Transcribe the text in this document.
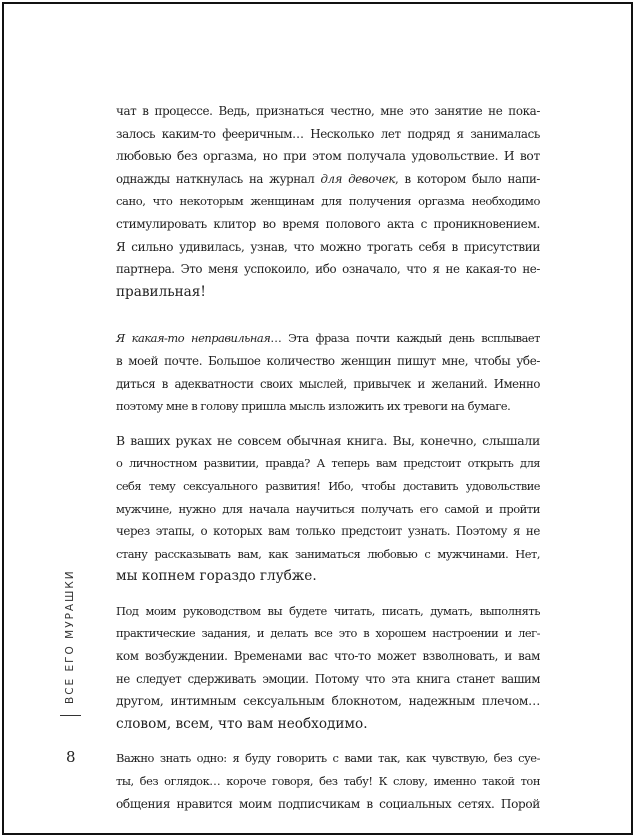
чат в процессе. Ведь, признаться честно, мне это занятие не пока-
залось каким-то фееричным… Несколько лет подряд я занималась
любовью без оргазма, но при этом получала удовольствие. И вот
однажды наткнулась на журнал для девочек, в котором было напи-
сано, что некоторым женщинам для получения оргазма необходимо
стимулировать клитор во время полового акта с проникновением.
Я сильно удивилась, узнав, что можно трогать себя в присутствии
партнера. Это меня успокоило, ибо означало, что я не какая-то не-
правильная!
Я какая-то неправильная… Эта фраза почти каждый день всплывает
в моей почте. Большое количество женщин пишут мне, чтобы убе-
диться в адекватности своих мыслей, привычек и желаний. Именно
поэтому мне в голову пришла мысль изложить их тревоги на бумаге.
В ваших руках не совсем обычная книга. Вы, конечно, слышали
о личностном развитии, правда? А теперь вам предстоит открыть для
себя тему сексуального развития! Ибо, чтобы доставить удовольствие
мужчине, нужно для начала научиться получать его самой и пройти
через этапы, о которых вам только предстоит узнать. Поэтому я не
стану рассказывать вам, как заниматься любовью с мужчинами. Нет,
мы копнем гораздо глубже.
Под моим руководством вы будете читать, писать, думать, выполнять
практические задания, и делать все это в хорошем настроении и лег-
ком возбуждении. Временами вас что-то может взволновать, и вам
не следует сдерживать эмоции. Потому что эта книга станет вашим
другом, интимным сексуальным блокнотом, надежным плечом…
словом, всем, что вам необходимо.
Важно знать одно: я буду говорить с вами так, как чувствую, без суе-
ты, без оглядок… короче говоря, без табу! К слову, именно такой тон
общения нравится моим подписчикам в социальных сетях. Порой
ВСЕ ЕГО МУРАШКИ
8
